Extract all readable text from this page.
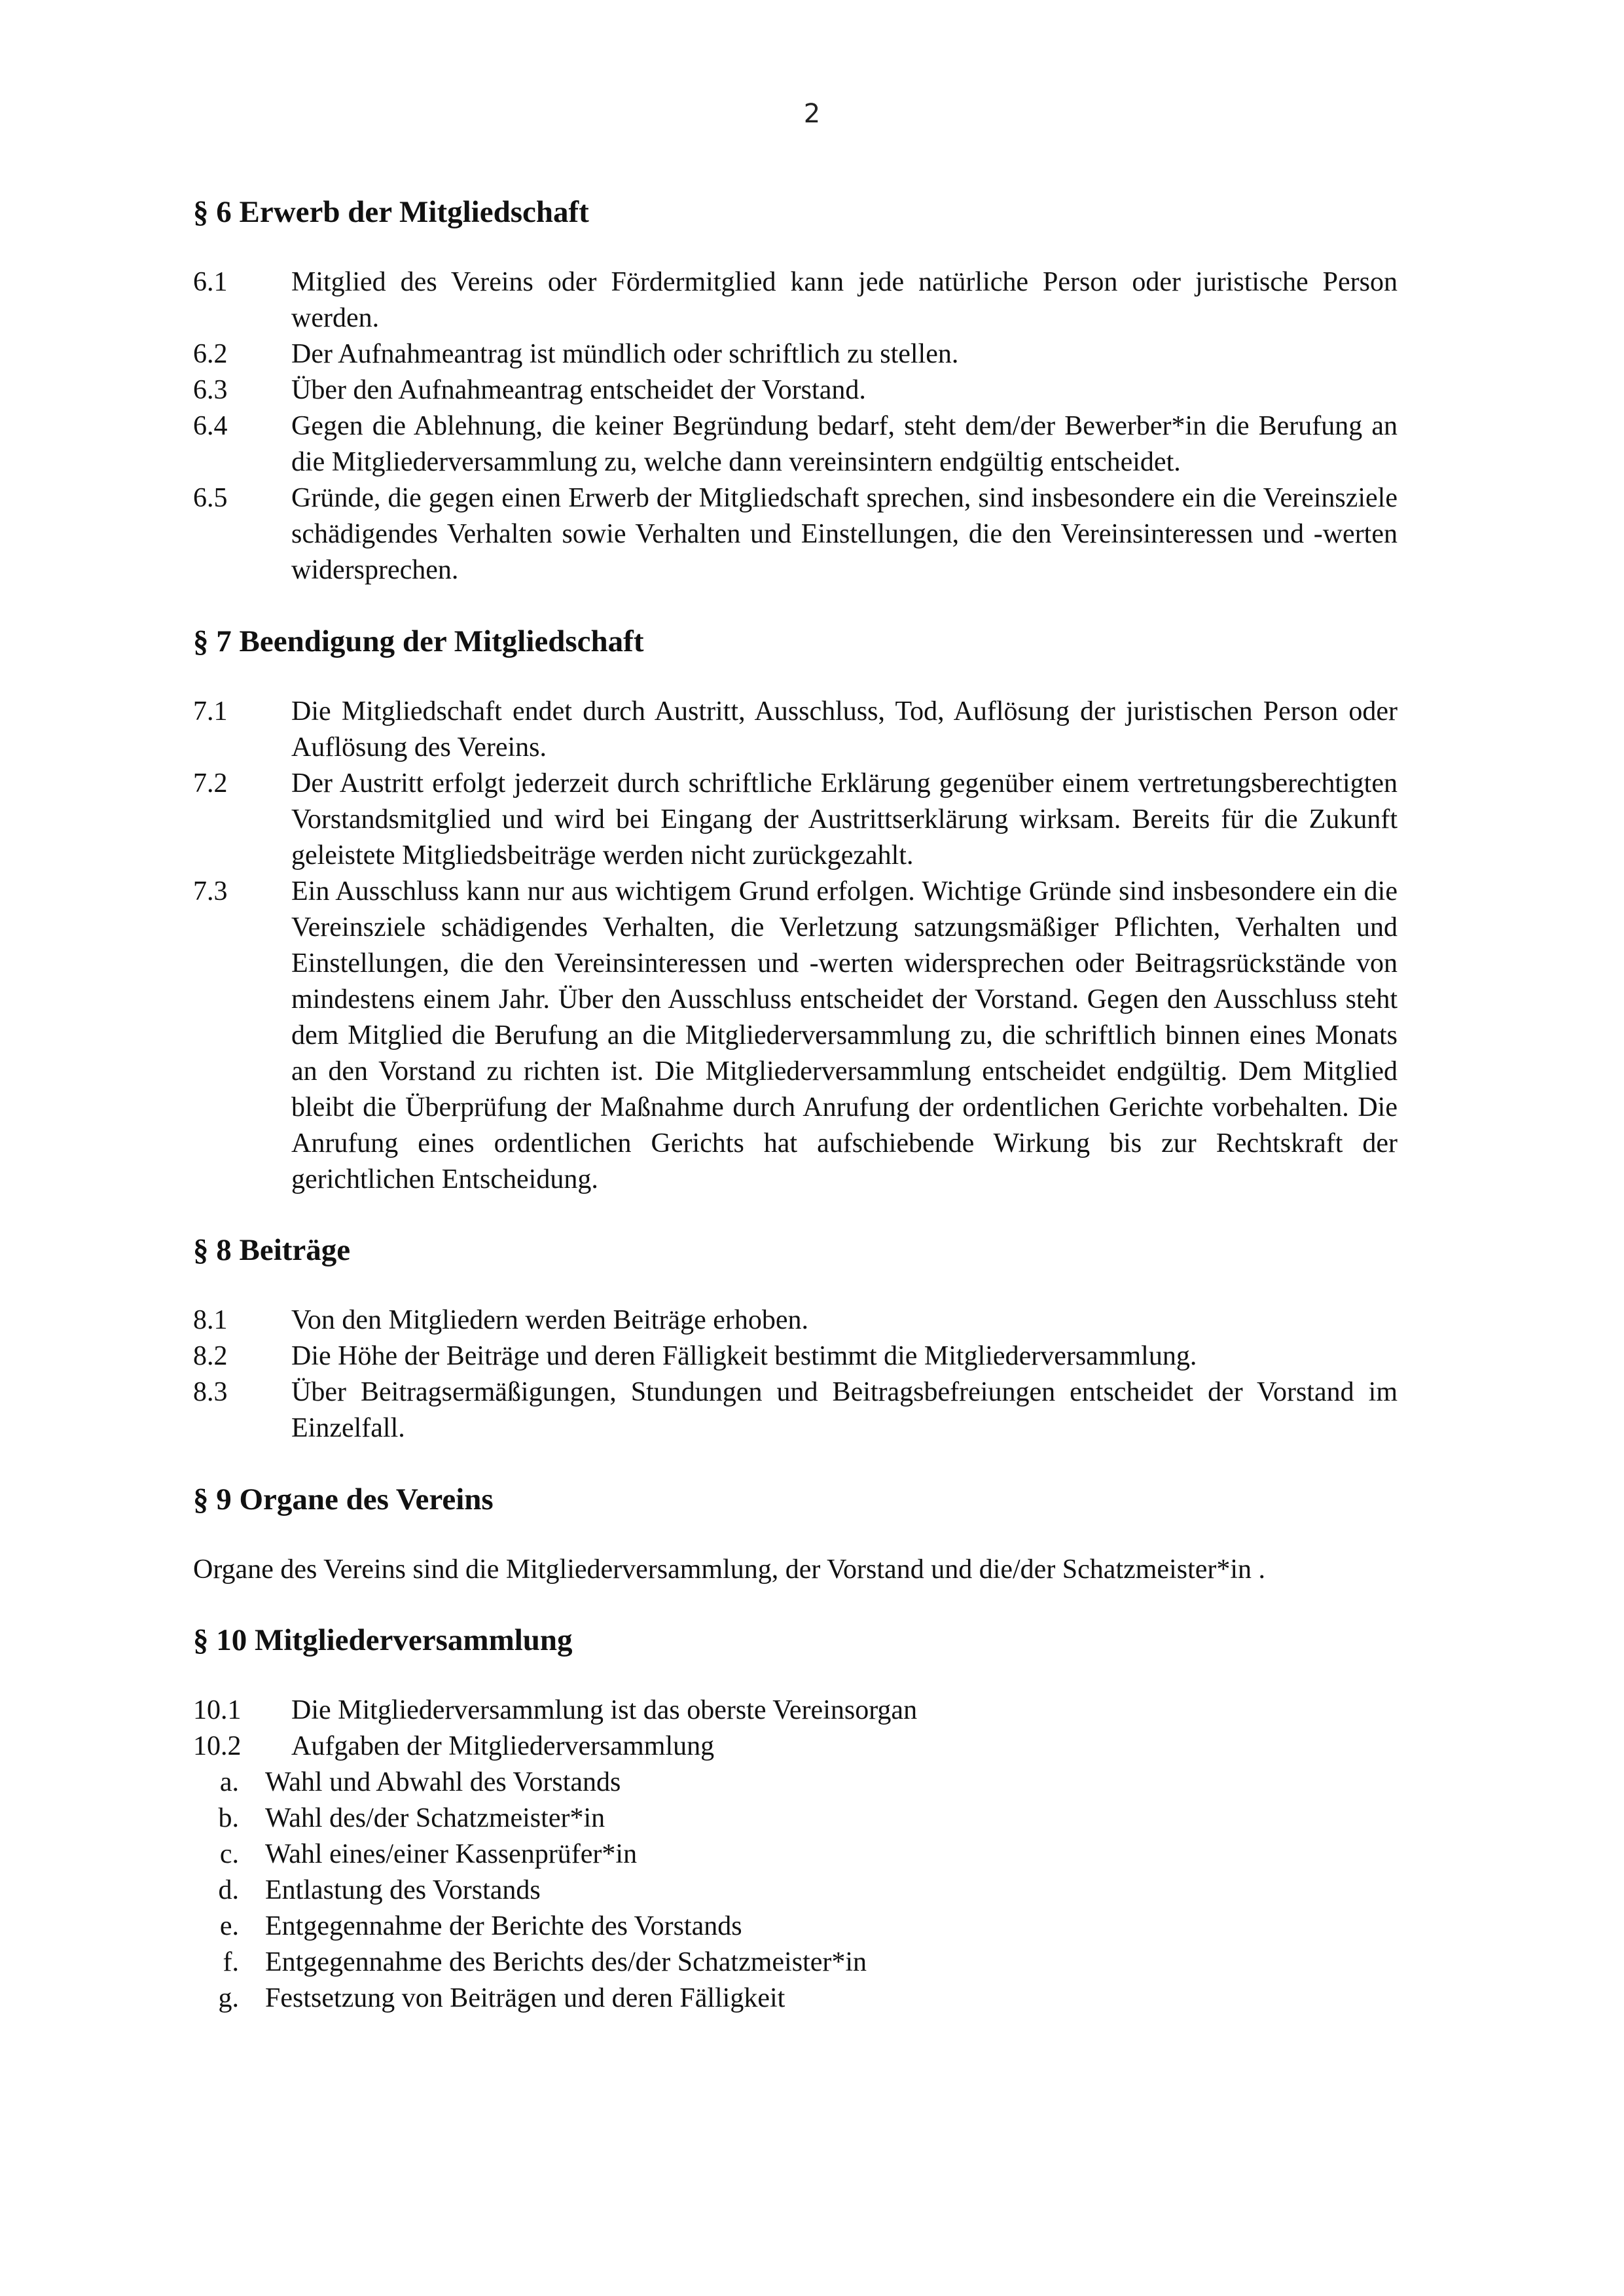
2
§ 6 Erwerb der Mitgliedschaft
6.1	Mitglied des Vereins oder Fördermitglied kann jede natürliche Person oder juristische Person werden.
6.2	Der Aufnahmeantrag ist mündlich oder schriftlich zu stellen.
6.3	Über den Aufnahmeantrag entscheidet der Vorstand.
6.4	Gegen die Ablehnung, die keiner Begründung bedarf, steht dem/der Bewerber*in die Berufung an die Mitgliederversammlung zu, welche dann vereinsintern endgültig entscheidet.
6.5	Gründe, die gegen einen Erwerb der Mitgliedschaft sprechen, sind insbesondere ein die Vereinsziele schädigendes Verhalten sowie Verhalten und Einstellungen, die den Vereinsinteressen und -werten widersprechen.
§ 7 Beendigung der Mitgliedschaft
7.1	Die Mitgliedschaft endet durch Austritt, Ausschluss, Tod, Auflösung der juristischen Person oder Auflösung des Vereins.
7.2	Der Austritt erfolgt jederzeit durch schriftliche Erklärung gegenüber einem vertretungsberechtigten Vorstandsmitglied und wird bei Eingang der Austrittserklärung wirksam. Bereits für die Zukunft geleistete Mitgliedsbeiträge werden nicht zurückgezahlt.
7.3	Ein Ausschluss kann nur aus wichtigem Grund erfolgen. Wichtige Gründe sind insbesondere ein die Vereinsziele schädigendes Verhalten, die Verletzung satzungsmäßiger Pflichten, Verhalten und Einstellungen, die den Vereinsinteressen und -werten widersprechen oder Beitragsrückstände von mindestens einem Jahr. Über den Ausschluss entscheidet der Vorstand. Gegen den Ausschluss steht dem Mitglied die Berufung an die Mitgliederversammlung zu, die schriftlich binnen eines Monats an den Vorstand zu richten ist. Die Mitgliederversammlung entscheidet endgültig. Dem Mitglied bleibt die Überprüfung der Maßnahme durch Anrufung der ordentlichen Gerichte vorbehalten. Die Anrufung eines ordentlichen Gerichts hat aufschiebende Wirkung bis zur Rechtskraft der gerichtlichen Entscheidung.
§ 8 Beiträge
8.1	Von den Mitgliedern werden Beiträge erhoben.
8.2	Die Höhe der Beiträge und deren Fälligkeit bestimmt die Mitgliederversammlung.
8.3	Über Beitragsermäßigungen, Stundungen und Beitragsbefreiungen entscheidet der Vorstand im Einzelfall.
§ 9 Organe des Vereins
Organe des Vereins sind die Mitgliederversammlung, der Vorstand und die/der Schatzmeister*in .
§ 10 Mitgliederversammlung
10.1	Die Mitgliederversammlung ist das oberste Vereinsorgan
10.2	Aufgaben der Mitgliederversammlung
a. Wahl und Abwahl des Vorstands
b. Wahl des/der Schatzmeister*in
c. Wahl eines/einer Kassenprüfer*in
d. Entlastung des Vorstands
e. Entgegennahme der Berichte des Vorstands
f. Entgegennahme des Berichts des/der Schatzmeister*in
g. Festsetzung von Beiträgen und deren Fälligkeit
